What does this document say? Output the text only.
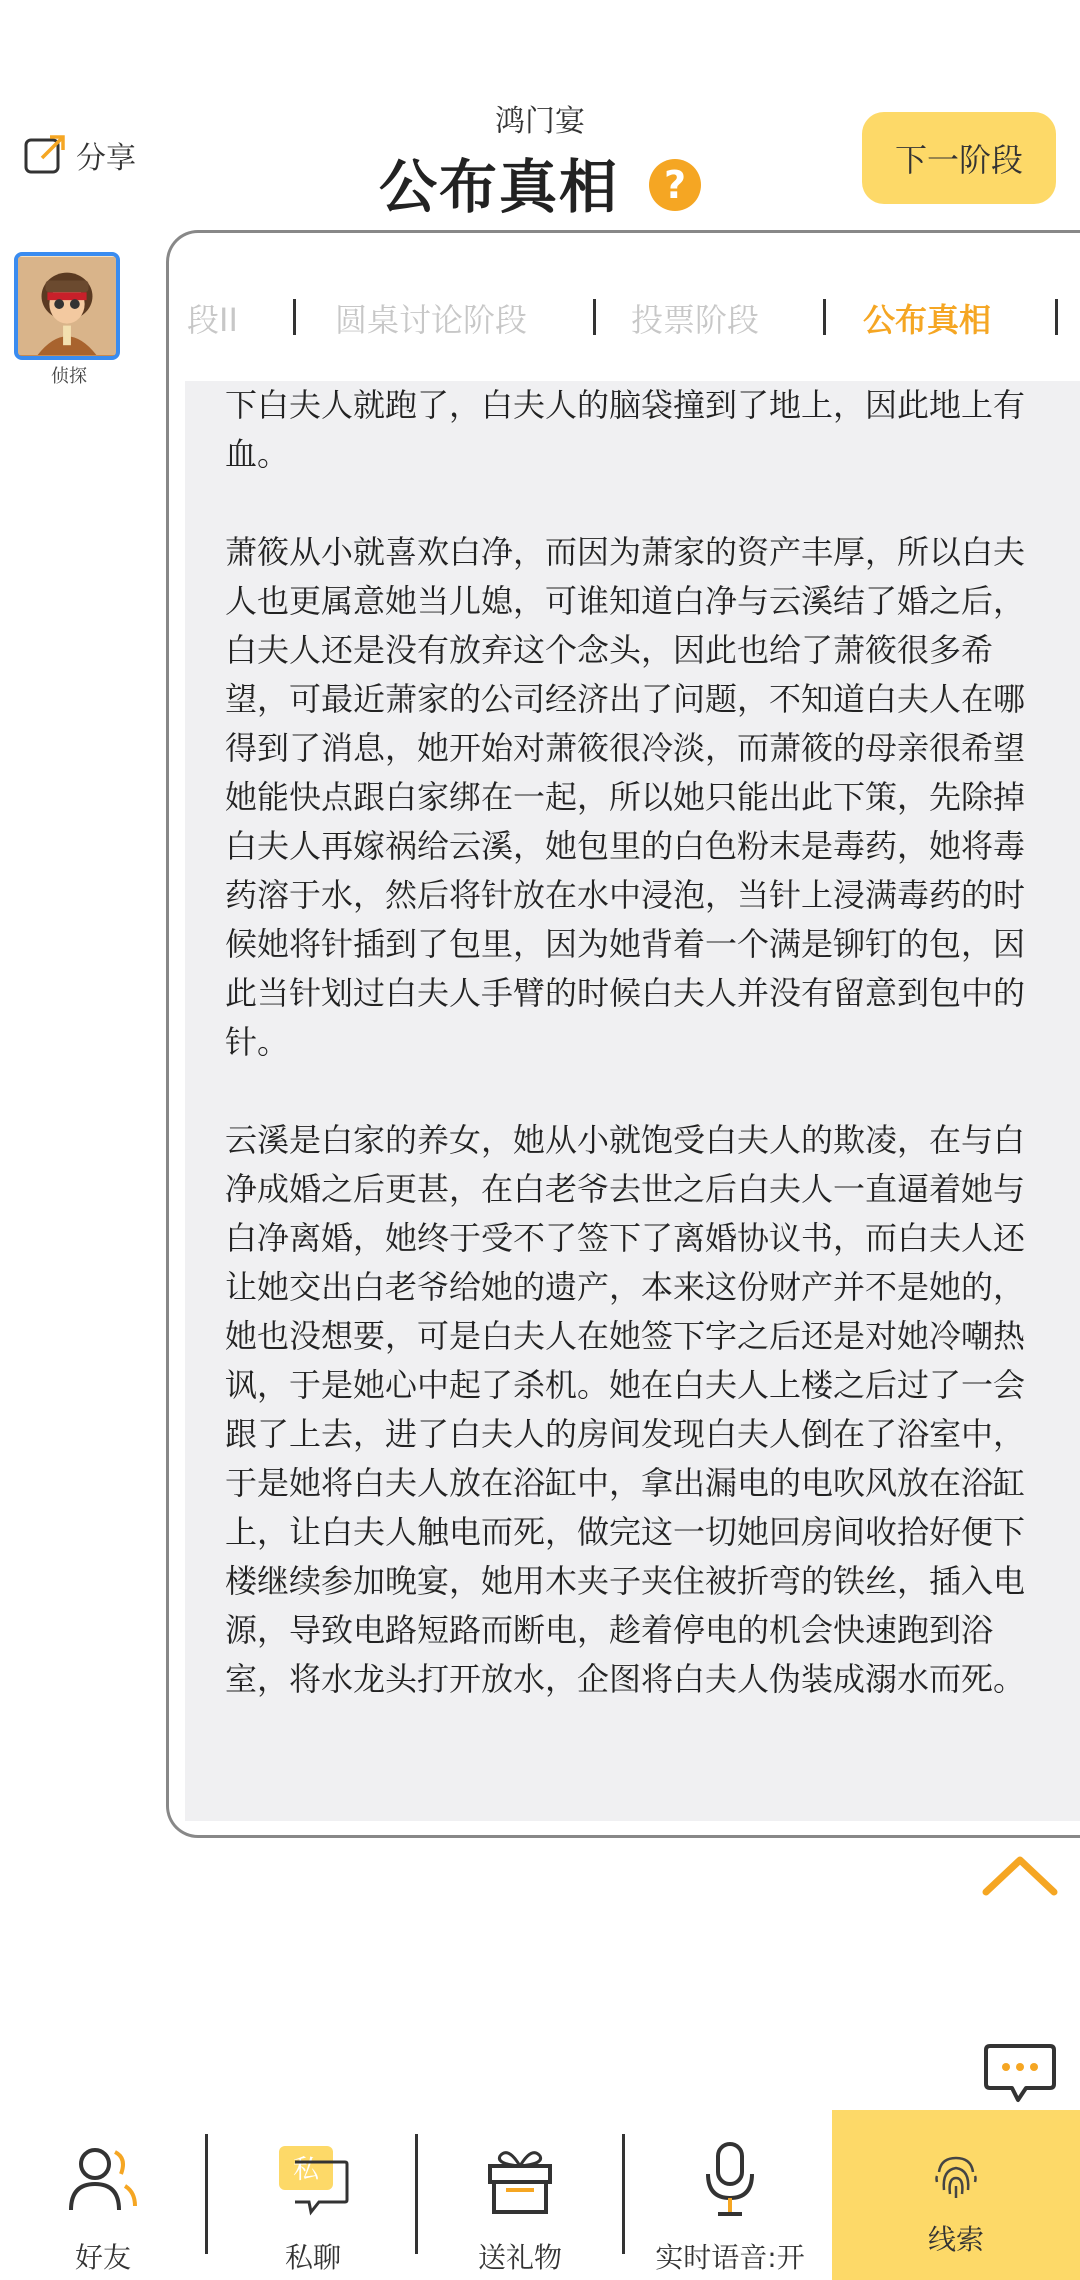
分享
鸿门宴
公布真相	?
下一阶段
侦探
段II	圆桌讨论阶段	投票阶段	公布真相

下白夫人就跑了，白夫人的脑袋撞到了地上，因此地上有血。

萧筱从小就喜欢白净，而因为萧家的资产丰厚，所以白夫人也更属意她当儿媳，可谁知道白净与云溪结了婚之后，白夫人还是没有放弃这个念头，因此也给了萧筱很多希望，可最近萧家的公司经济出了问题，不知道白夫人在哪得到了消息，她开始对萧筱很冷淡，而萧筱的母亲很希望她能快点跟白家绑在一起，所以她只能出此下策，先除掉白夫人再嫁祸给云溪，她包里的白色粉末是毒药，她将毒药溶于水，然后将针放在水中浸泡，当针上浸满毒药的时候她将针插到了包里，因为她背着一个满是铆钉的包，因此当针划过白夫人手臂的时候白夫人并没有留意到包中的针。

云溪是白家的养女，她从小就饱受白夫人的欺凌，在与白净成婚之后更甚，在白老爷去世之后白夫人一直逼着她与白净离婚，她终于受不了签下了离婚协议书，而白夫人还让她交出白老爷给她的遗产，本来这份财产并不是她的，她也没想要，可是白夫人在她签下字之后还是对她冷嘲热讽，于是她心中起了杀机。她在白夫人上楼之后过了一会跟了上去，进了白夫人的房间发现白夫人倒在了浴室中，于是她将白夫人放在浴缸中，拿出漏电的电吹风放在浴缸上，让白夫人触电而死，做完这一切她回房间收拾好便下楼继续参加晚宴，她用木夹子夹住被折弯的铁丝，插入电源，导致电路短路而断电，趁着停电的机会快速跑到浴室，将水龙头打开放水，企图将白夫人伪装成溺水而死。

好友
私
私聊	送礼物	实时语音:开
线索
